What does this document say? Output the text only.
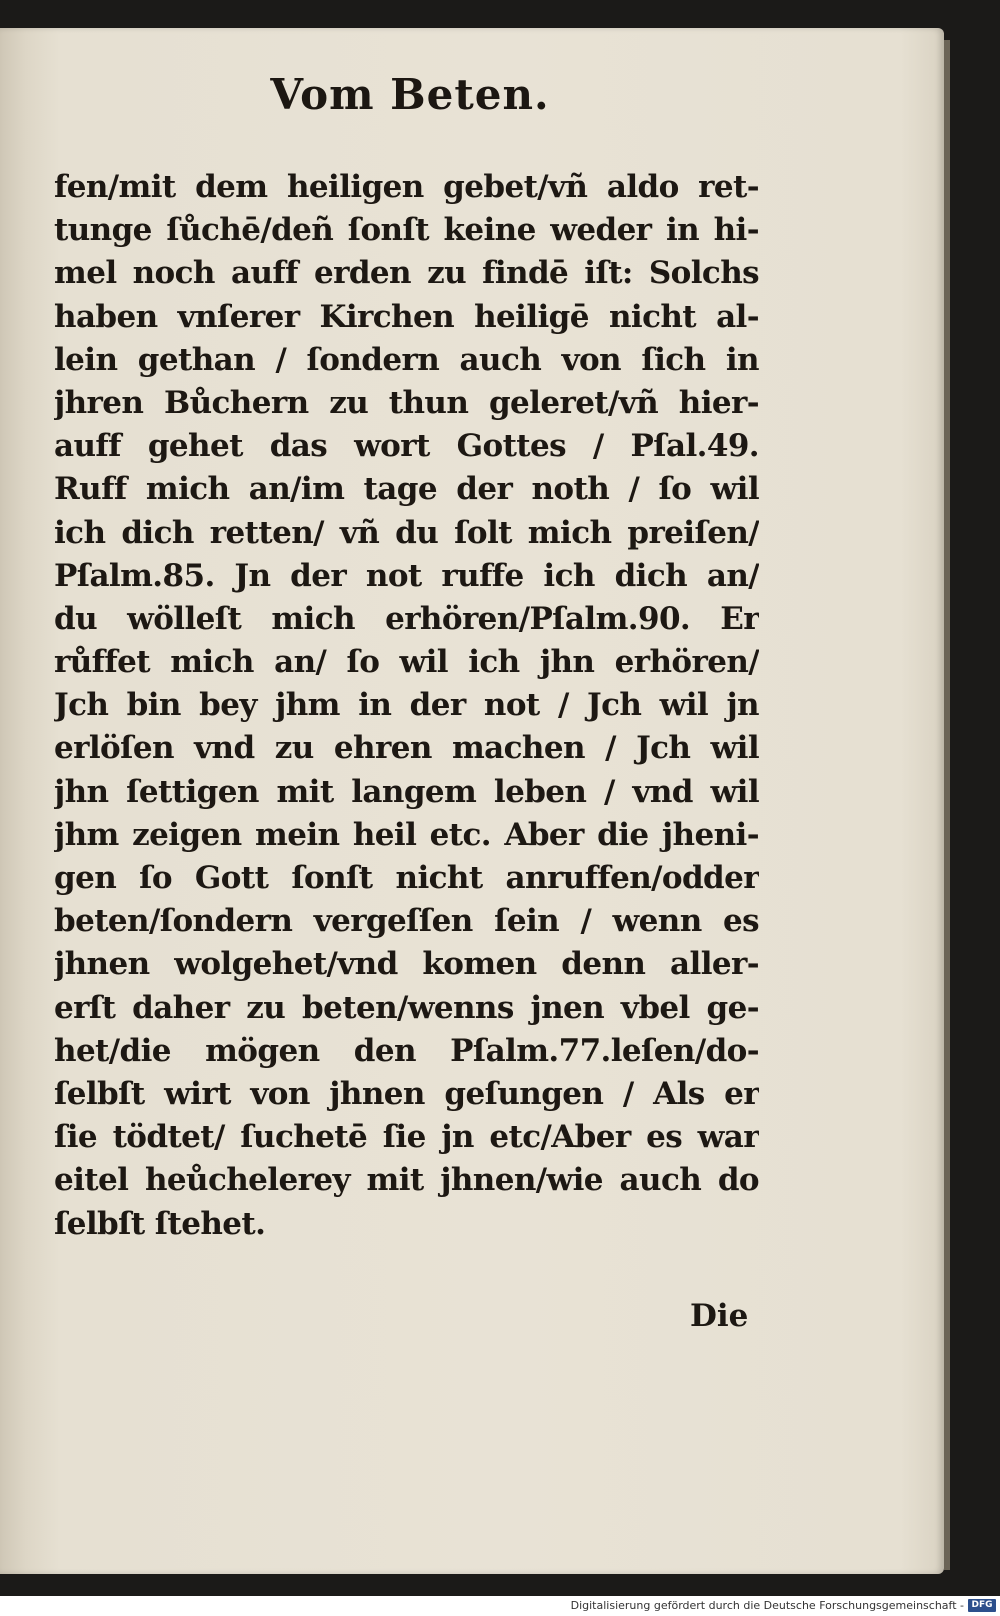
Vom Beten.
fen/mit dem heiligen gebet/vñ aldo ret-
tunge ſůchē/deñ ſonſt keine weder in hi-
mel noch auff erden zu findē iſt: Solchs
haben vnſerer Kirchen heiligē nicht al-
lein gethan / ſondern auch von ſich in
jhren Bůchern zu thun geleret/vñ hier-
auff gehet das wort Gottes / Pſal.49.
Ruff mich an/im tage der noth / ſo wil
ich dich retten/ vñ du ſolt mich preiſen/
Pſalm.85. Jn der not ruffe ich dich an/
du wölleſt mich erhören/Pſalm.90. Er
růffet mich an/ ſo wil ich jhn erhören/
Jch bin bey jhm in der not / Jch wil jn
erlöſen vnd zu ehren machen / Jch wil
jhn ſettigen mit langem leben / vnd wil
jhm zeigen mein heil etc. Aber die jheni-
gen ſo Gott ſonſt nicht anruffen/odder
beten/ſondern vergeſſen ſein / wenn es
jhnen wolgehet/vnd komen denn aller-
erſt daher zu beten/wenns jnen vbel ge-
het/die mögen den Pſalm.77.leſen/do-
ſelbſt wirt von jhnen geſungen / Als er
ſie tödtet/ ſuchetē ſie jn etc/Aber es war
eitel heůchelerey mit jhnen/wie auch do
ſelbſt ſtehet.
Die
Digitalisierung gefördert durch die Deutsche Forschungsgemeinschaft - DFG
